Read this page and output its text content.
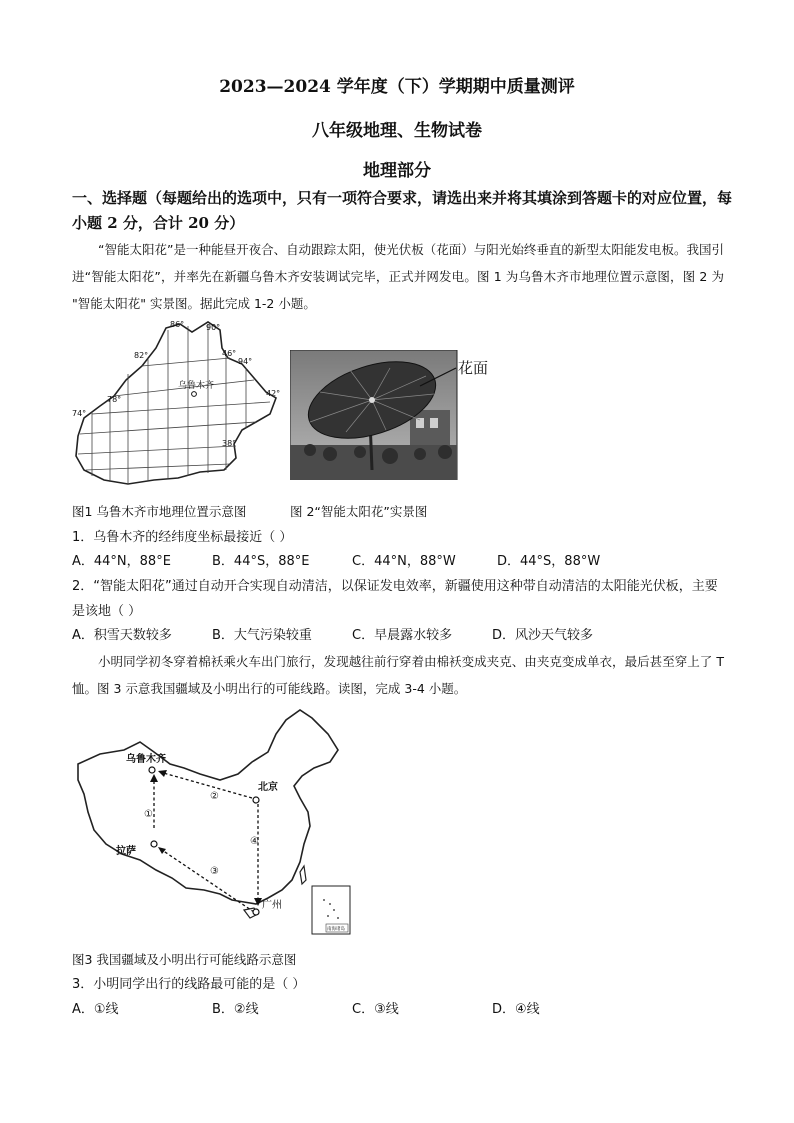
2023—2024 学年度（下）学期期中质量测评
八年级地理、生物试卷
地理部分
一、选择题（每题给出的选项中，只有一项符合要求，请选出来并将其填涂到答题卡的对应位置，每小题 2 分，合计 20 分）
“智能太阳花”是一种能昼开夜合、自动跟踪太阳，使光伏板（花面）与阳光始终垂直的新型太阳能发电板。我国引进“智能太阳花”，并率先在新疆乌鲁木齐安装调试完毕，正式并网发电。图 1 为乌鲁木齐市地理位置示意图，图 2 为 "智能太阳花" 实景图。据此完成 1-2 小题。
86°	90°
82°	46°
94°
78°
42°
74°
38°
乌鲁木齐
花面
图1 乌鲁木齐市地理位置示意图	图 2“智能太阳花”实景图
1．乌鲁木齐的经纬度坐标最接近（ ）
A．44°N，88°E	B．44°S，88°E	C．44°N，88°W	D．44°S，88°W
2．“智能太阳花”通过自动开合实现自动清洁，以保证发电效率，新疆使用这种带自动清洁的太阳能光伏板，主要是该地（ ）
A．积雪天数较多	B．大气污染较重	C．早晨露水较多	D．风沙天气较多
小明同学初冬穿着棉袄乘火车出门旅行，发现越往前行穿着由棉袄变成夹克、由夹克变成单衣，最后甚至穿上了 T 恤。图 3 示意我国疆域及小明出行的可能线路。读图，完成 3-4 小题。
南海诸岛
乌鲁木齐
北京
拉萨
广州
①
②
③
④
图3 我国疆域及小明出行可能线路示意图
3．小明同学出行的线路最可能的是（ ）
A．①线	B．②线	C．③线	D．④线
